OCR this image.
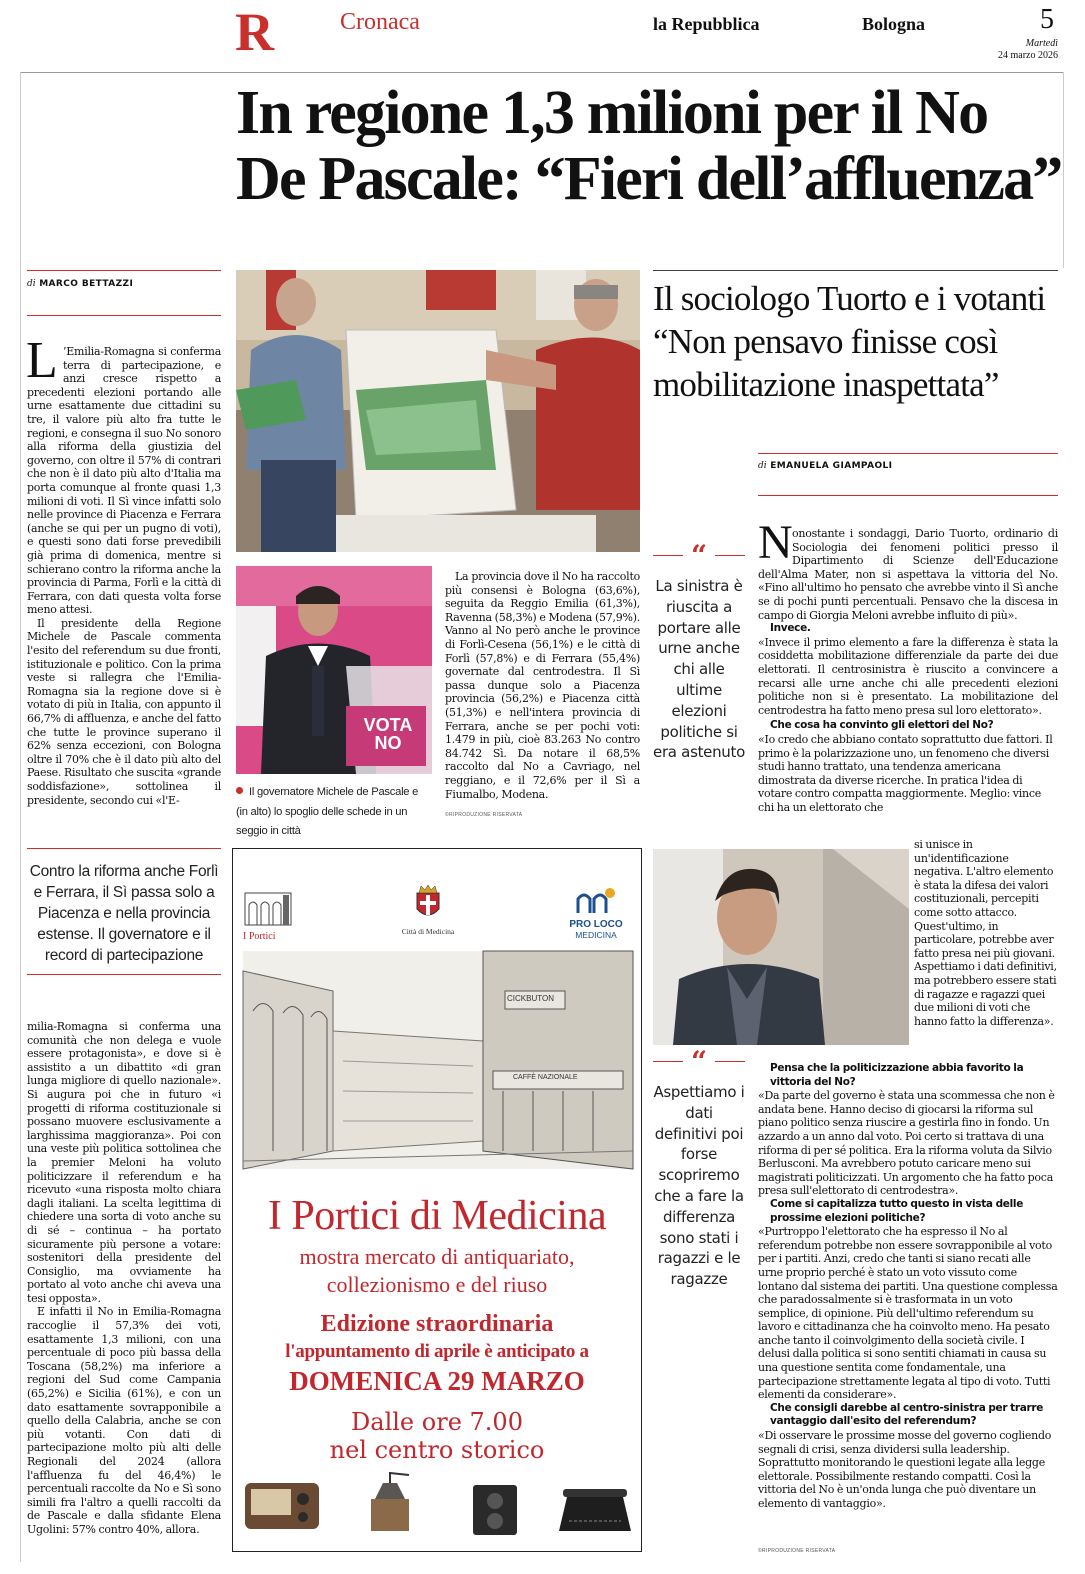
R	Cronaca	la Repubblica	Bologna	5
Martedì
24 marzo 2026
In regione 1,3 milioni per il No
De Pascale: “Fieri dell’affluenza”
di MARCO BETTAZZI
L ’Emilia-Romagna si conferma terra di partecipazione, e anzi cresce rispetto a precedenti elezioni portando alle urne esattamente due cittadini su tre, il valore più alto fra tutte le regioni, e consegna il suo No sonoro alla riforma della giustizia del governo, con oltre il 57% di contrari che non è il dato più alto d'Italia ma porta comunque al fronte quasi 1,3 milioni di voti. Il Sì vince infatti solo nelle province di Piacenza e Ferrara (anche se qui per un pugno di voti), e questi sono dati forse prevedibili già prima di domenica, mentre si schierano contro la riforma anche la provincia di Parma, Forlì e la città di Ferrara, con dati questa volta forse meno attesi.

Il presidente della Regione Michele de Pascale commenta l'esito del referendum su due fronti, istituzionale e politico. Con la prima veste si rallegra che l'Emilia-Romagna sia la regione dove si è votato di più in Italia, con appunto il 66,7% di affluenza, e anche del fatto che tutte le province superano il 62% senza eccezioni, con Bologna oltre il 70% che è il dato più alto del Paese. Risultato che suscita «grande soddisfazione», sottolinea il presidente, secondo cui «l'E-

Contro la riforma anche Forlì e Ferrara, il Sì passa solo a Piacenza e nella provincia estense. Il governatore e il record di partecipazione

milia-Romagna si conferma una comunità che non delega e vuole essere protagonista», e dove si è assistito a un dibattito «di gran lunga migliore di quello nazionale». Si augura poi che in futuro «i progetti di riforma costituzionale si possano muovere esclusivamente a larghissima maggioranza». Poi con una veste più politica sottolinea che la premier Meloni ha voluto politicizzare il referendum e ha ricevuto «una risposta molto chiara dagli italiani. La scelta legittima di chiedere una sorta di voto anche su di sé – continua – ha portato sicuramente più persone a votare: sostenitori della presidente del Consiglio, ma ovviamente ha portato al voto anche chi aveva una tesi opposta».

E infatti il No in Emilia-Romagna raccoglie il 57,3% dei voti, esattamente 1,3 milioni, con una percentuale di poco più bassa della Toscana (58,2%) ma inferiore a regioni del Sud come Campania (65,2%) e Sicilia (61%), e con un dato esattamente sovrapponibile a quello della Calabria, anche se con più votanti. Con dati di partecipazione molto più alti delle Regionali del 2024 (allora l'affluenza fu del 46,4%) le percentuali raccolte da No e Sì sono simili fra l'altro a quelli raccolti da de Pascale e dalla sfidante Elena Ugolini: 57% contro 40%, allora.

VOTA NO
Il governatore Michele de Pascale e (in alto) lo spoglio delle schede in un seggio in città

La provincia dove il No ha raccolto più consensi è Bologna (63,6%), seguita da Reggio Emilia (61,3%), Ravenna (58,3%) e Modena (57,9%). Vanno al No però anche le province di Forlì-Cesena (56,1%) e le città di Forlì (57,8%) e di Ferrara (55,4%) governate dal centrodestra. Il Sì passa dunque solo a Piacenza provincia (56,2%) e Piacenza città (51,3%) e nell'intera provincia di Ferrara, anche se per pochi voti: 1.479 in più, cioè 83.263 No contro 84.742 Sì. Da notare il 68,5% raccolto dal No a Cavriago, nel reggiano, e il 72,6% per il Sì a Fiumalbo, Modena.

©RIPRODUZIONE RISERVATA
I Portici	Città di Medicina
PRO LOCO
MEDICINA
CICKBUTON
CAFFÈ NAZIONALE
I Portici di Medicina
mostra mercato di antiquariato,
collezionismo e del riuso
Edizione straordinaria
l'appuntamento di aprile è anticipato a
DOMENICA 29 MARZO
Dalle ore 7.00
nel centro storico
Il sociologo Tuorto e i votanti
“Non pensavo finisse così
mobilitazione inaspettata”
di EMANUELA GIAMPAOLI
“
La sinistra è riuscita a portare alle urne anche chi alle ultime elezioni politiche si era astenuto
“
Aspettiamo i dati definitivi poi forse scopriremo che a fare la differenza sono stati i ragazzi e le ragazze
N onostante i sondaggi, Dario Tuorto, ordinario di Sociologia dei fenomeni politici presso il Dipartimento di Scienze dell'Educazione dell'Alma Mater, non si aspettava la vittoria del No. «Fino all'ultimo ho pensato che avrebbe vinto il Sì anche se di pochi punti percentuali. Pensavo che la discesa in campo di Giorgia Meloni avrebbe influito di più».

Invece.

«Invece il primo elemento a fare la differenza è stata la cosiddetta mobilitazione differenziale da parte dei due elettorati. Il centrosinistra è riuscito a convincere a recarsi alle urne anche chi alle precedenti elezioni politiche non si è presentato. La mobilitazione del centrodestra ha fatto meno presa sul loro elettorato».

Che cosa ha convinto gli elettori del No?

«Io credo che abbiano contato soprattutto due fattori. Il primo è la polarizzazione uno, un fenomeno che diversi studi hanno trattato, una tendenza americana dimostrata da diverse ricerche. In pratica l'idea di votare contro compatta maggiormente. Meglio: vince chi ha un elettorato che

si unisce in un'identificazione negativa. L'altro elemento è stata la difesa dei valori costituzionali, percepiti come sotto attacco. Quest'ultimo, in particolare, potrebbe aver fatto presa nei più giovani. Aspettiamo i dati definitivi, ma potrebbero essere stati di ragazze e ragazzi quei due milioni di voti che hanno fatto la differenza».

Pensa che la politicizzazione abbia favorito la vittoria del No?

«Da parte del governo è stata una scommessa che non è andata bene. Hanno deciso di giocarsi la riforma sul piano politico senza riuscire a gestirla fino in fondo. Un azzardo a un anno dal voto. Poi certo si trattava di una riforma di per sé politica. Era la riforma voluta da Silvio Berlusconi. Ma avrebbero potuto caricare meno sui magistrati politicizzati. Un argomento che ha fatto poca presa sull'elettorato di centrodestra».

Come si capitalizza tutto questo in vista delle prossime elezioni politiche?

«Purtroppo l'elettorato che ha espresso il No al referendum potrebbe non essere sovrapponibile al voto per i partiti. Anzi, credo che tanti si siano recati alle urne proprio perché è stato un voto vissuto come lontano dal sistema dei partiti. Una questione complessa che paradossalmente si è trasformata in un voto semplice, di opinione. Più dell'ultimo referendum su lavoro e cittadinanza che ha coinvolto meno. Ha pesato anche tanto il coinvolgimento della società civile. I delusi dalla politica si sono sentiti chiamati in causa su una questione sentita come fondamentale, una partecipazione strettamente legata al tipo di voto. Tutti elementi da considerare».

Che consigli darebbe al centro-sinistra per trarre vantaggio dall'esito del referendum?

«Di osservare le prossime mosse del governo cogliendo segnali di crisi, senza dividersi sulla leadership. Soprattutto monitorando le questioni legate alla legge elettorale. Possibilmente restando compatti. Così la vittoria del No è un'onda lunga che può diventare un elemento di vantaggio».

©RIPRODUZIONE RISERVATA
